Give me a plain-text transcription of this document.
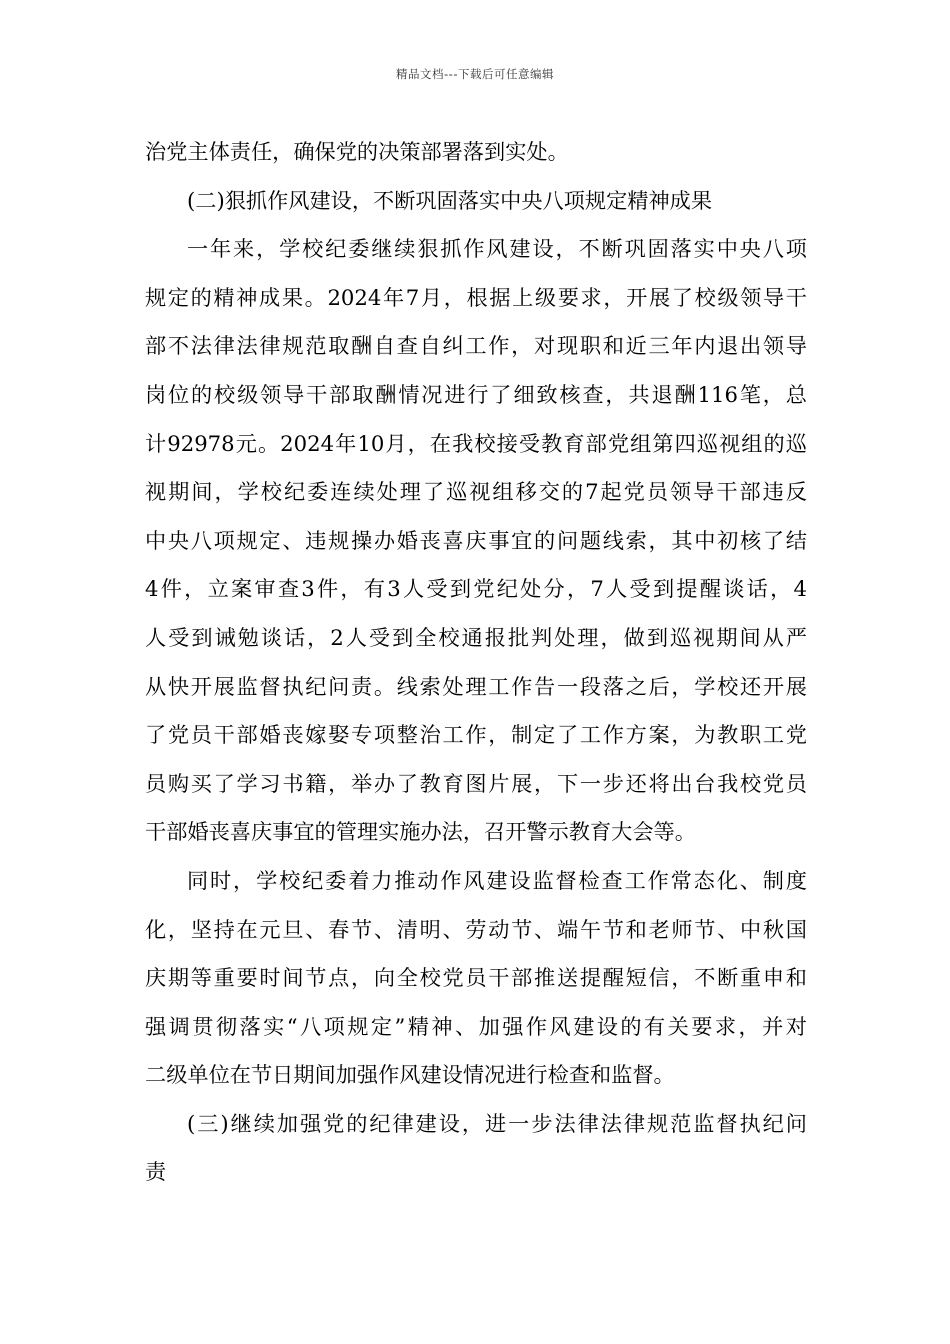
精品文档---下载后可任意编辑
治党主体责任，确保党的决策部署落到实处。
(二)狠抓作风建设，不断巩固落实中央八项规定精神成果
一年来，学校纪委继续狠抓作风建设，不断巩固落实中央八项
规定的精神成果。2024年7月，根据上级要求，开展了校级领导干
部不法律法律规范取酬自查自纠工作，对现职和近三年内退出领导
岗位的校级领导干部取酬情况进行了细致核查，共退酬116笔，总
计92978元。2024年10月，在我校接受教育部党组第四巡视组的巡
视期间，学校纪委连续处理了巡视组移交的7起党员领导干部违反
中央八项规定、违规操办婚丧喜庆事宜的问题线索，其中初核了结
4件，立案审查3件，有3人受到党纪处分，7人受到提醒谈话，4
人受到诫勉谈话，2人受到全校通报批判处理，做到巡视期间从严
从快开展监督执纪问责。线索处理工作告一段落之后，学校还开展
了党员干部婚丧嫁娶专项整治工作，制定了工作方案，为教职工党
员购买了学习书籍，举办了教育图片展，下一步还将出台我校党员
干部婚丧喜庆事宜的管理实施办法，召开警示教育大会等。
同时，学校纪委着力推动作风建设监督检查工作常态化、制度
化，坚持在元旦、春节、清明、劳动节、端午节和老师节、中秋国
庆期等重要时间节点，向全校党员干部推送提醒短信，不断重申和
强调贯彻落实“八项规定”精神、加强作风建设的有关要求，并对
二级单位在节日期间加强作风建设情况进行检查和监督。
(三)继续加强党的纪律建设，进一步法律法律规范监督执纪问
责
